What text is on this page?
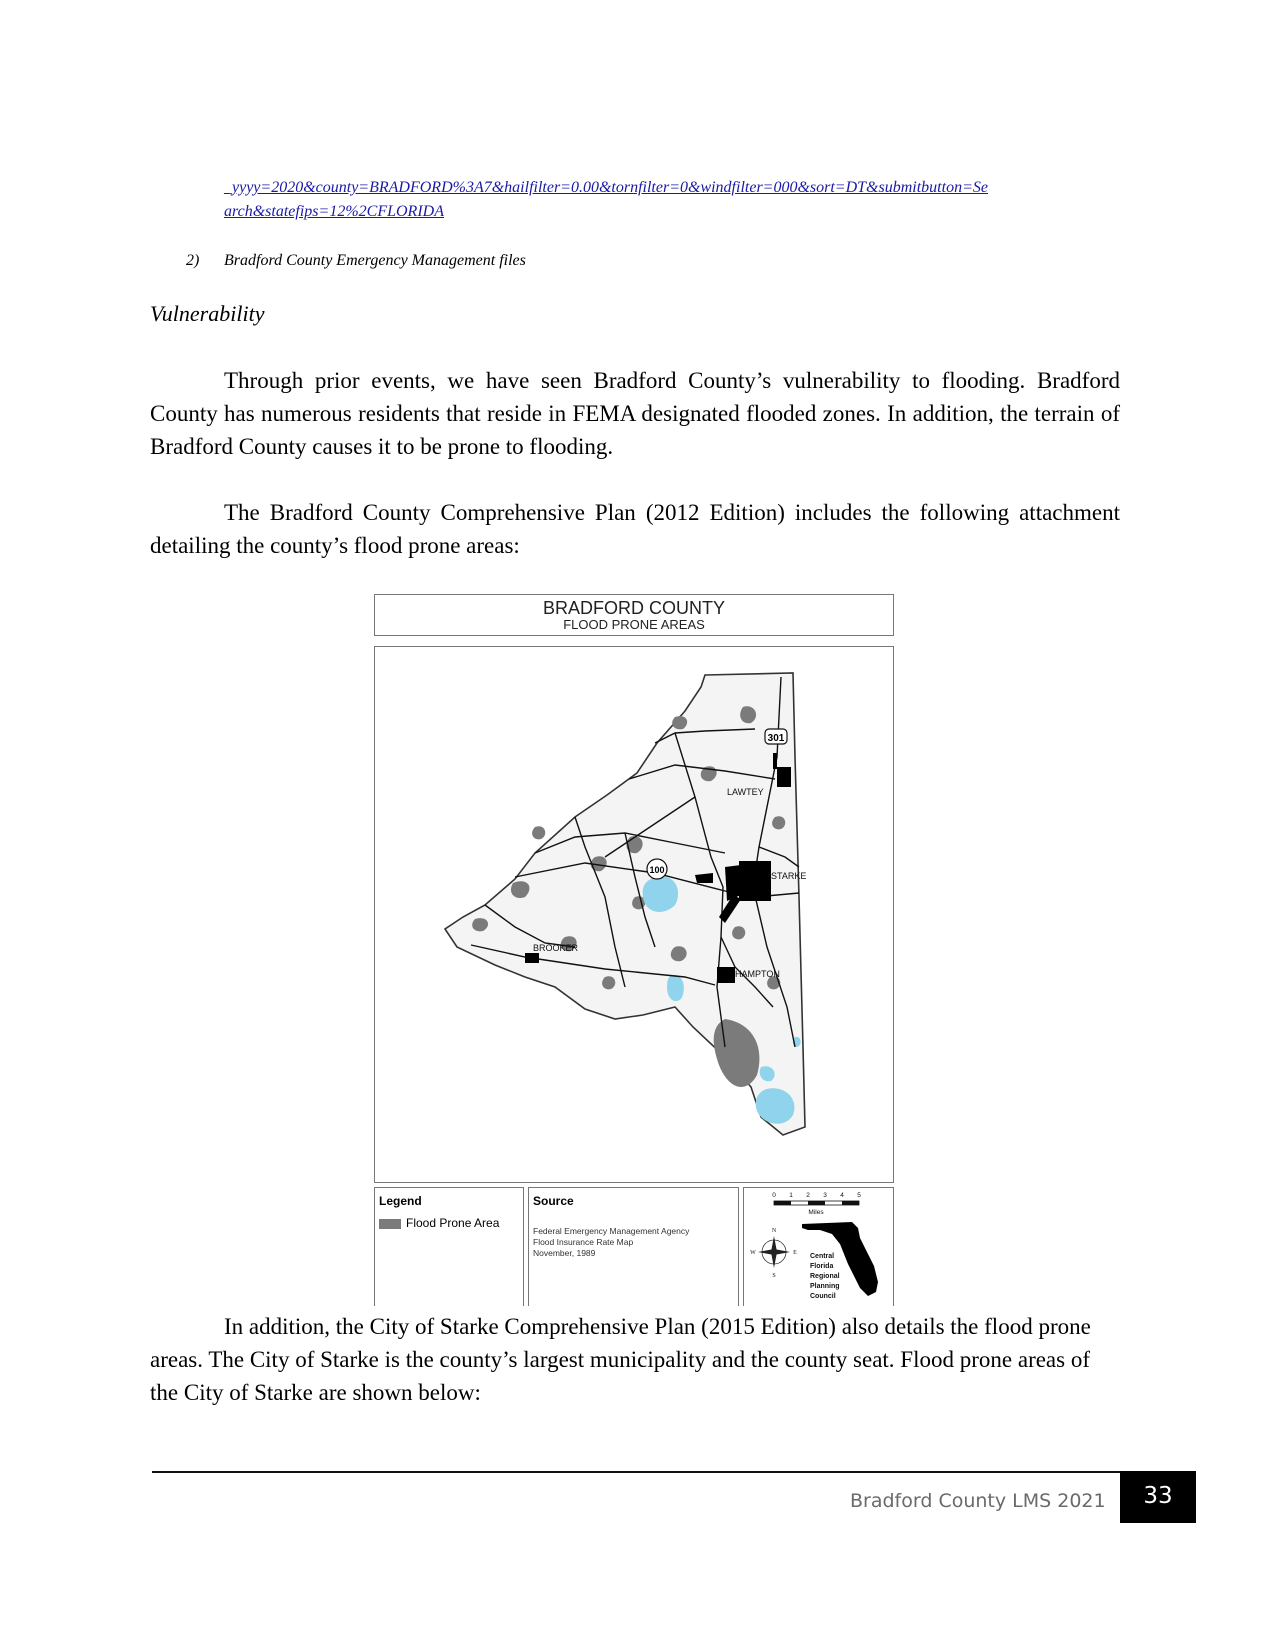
_yyyy=2020&county=BRADFORD%3A7&hailfilter=0.00&tornfilter=0&windfilter=000&sort=DT&submitbutton=Se
arch&statefips=12%2CFLORIDA
2) Bradford County Emergency Management files
Vulnerability

Through prior events, we have seen Bradford County’s vulnerability to flooding. Bradford County has numerous residents that reside in FEMA designated flooded zones. In addition, the terrain of Bradford County causes it to be prone to flooding.

The Bradford County Comprehensive Plan (2012 Edition) includes the following attachment detailing the county’s flood prone areas:

BRADFORD COUNTY
FLOOD PRONE AREAS
301
100
LAWTEY
STARKE
BROOKER
HAMPTON
Legend
Flood Prone Area
Source
Federal Emergency Management Agency
Flood Insurance Rate Map
November, 1989
0 1 2 3 4 5
Miles
N
S
E
W
North
Central
Florida
Regional
Planning
Council

In addition, the City of Starke Comprehensive Plan (2015 Edition) also details the flood prone areas. The City of Starke is the county’s largest municipality and the county seat. Flood prone areas of the City of Starke are shown below:

Bradford County LMS 2021	33
